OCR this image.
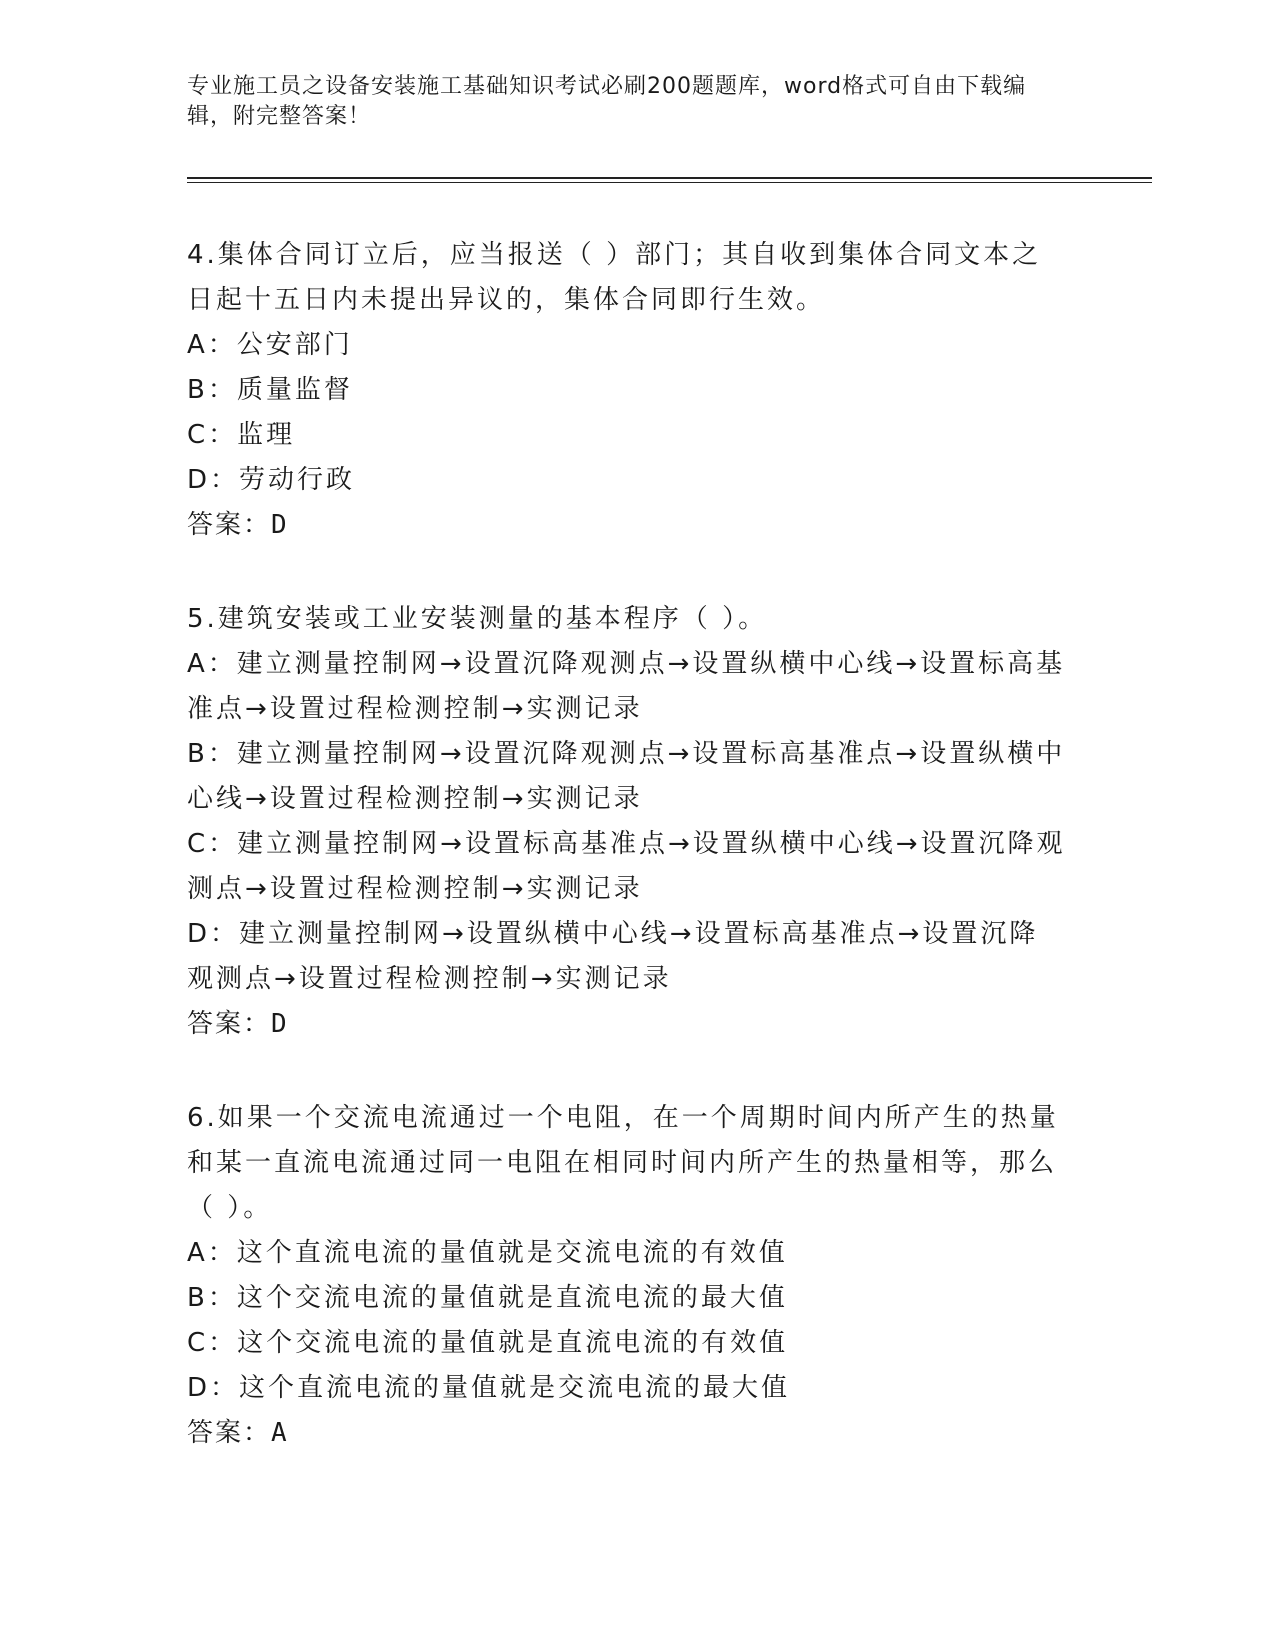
专业施工员之设备安装施工基础知识考试必刷200题题库，word格式可自由下载编辑，附完整答案！
4.集体合同订立后，应当报送（ ）部门；其自收到集体合同文本之日起十五日内未提出异议的，集体合同即行生效。
A：公安部门
B：质量监督
C：监理
D：劳动行政
答案：D
5.建筑安装或工业安装测量的基本程序（ ）。
A：建立测量控制网→设置沉降观测点→设置纵横中心线→设置标高基准点→设置过程检测控制→实测记录
B：建立测量控制网→设置沉降观测点→设置标高基准点→设置纵横中心线→设置过程检测控制→实测记录
C：建立测量控制网→设置标高基准点→设置纵横中心线→设置沉降观测点→设置过程检测控制→实测记录
D：建立测量控制网→设置纵横中心线→设置标高基准点→设置沉降观测点→设置过程检测控制→实测记录
答案：D
6.如果一个交流电流通过一个电阻，在一个周期时间内所产生的热量和某一直流电流通过同一电阻在相同时间内所产生的热量相等，那么（ ）。
A：这个直流电流的量值就是交流电流的有效值
B：这个交流电流的量值就是直流电流的最大值
C：这个交流电流的量值就是直流电流的有效值
D：这个直流电流的量值就是交流电流的最大值
答案：A
